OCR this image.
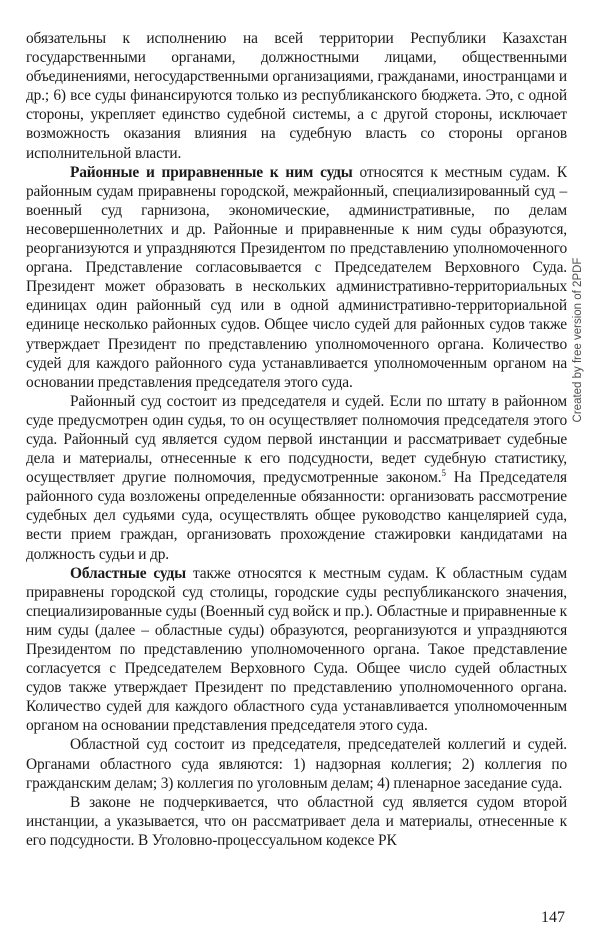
обязательны к исполнению на всей территории Республики Казахстан государственными органами, должностными лицами, общественными объединениями, негосударственными организациями, гражданами, иностранцами и др.; 6) все суды финансируются только из республиканского бюджета. Это, с одной стороны, укрепляет единство судебной системы, а с другой стороны, исключает возможность оказания влияния на судебную власть со стороны органов исполнительной власти.

Районные и приравненные к ним суды относятся к местным судам. К районным судам приравнены городской, межрайонный, специализированный суд – военный суд гарнизона, экономические, административные, по делам несовершеннолетних и др. Районные и приравненные к ним суды образуются, реорганизуются и упраздняются Президентом по представлению уполномоченного органа. Представление согласовывается с Председателем Верховного Суда. Президент может образовать в нескольких административно-территориальных единицах один районный суд или в одной административно-территориальной единице несколько районных судов. Общее число судей для районных судов также утверждает Президент по представлению уполномоченного органа. Количество судей для каждого районного суда устанавливается уполномоченным органом на основании представления председателя этого суда.

Районный суд состоит из председателя и судей. Если по штату в районном суде предусмотрен один судья, то он осуществляет полномочия председателя этого суда. Районный суд является судом первой инстанции и рассматривает судебные дела и материалы, отнесенные к его подсудности, ведет судебную статистику, осуществляет другие полномочия, предусмотренные законом.$^5$ На Председателя районного суда возложены определенные обязанности: организовать рассмотрение судебных дел судьями суда, осуществлять общее руководство канцелярией суда, вести прием граждан, организовать прохождение стажировки кандидатами на должность судьи и др.

Областные суды также относятся к местным судам. К областным судам приравнены городской суд столицы, городские суды республиканского значения, специализированные суды (Военный суд войск и пр.). Областные и приравненные к ним суды (далее – областные суды) образуются, реорганизуются и упраздняются Президентом по представлению уполномоченного органа. Такое представление согласуется с Председателем Верховного Суда. Общее число судей областных судов также утверждает Президент по представлению уполномоченного органа. Количество судей для каждого областного суда устанавливается уполномоченным органом на основании представления председателя этого суда.

Областной суд состоит из председателя, председателей коллегий и судей. Органами областного суда являются: 1) надзорная коллегия; 2) коллегия по гражданским делам; 3) коллегия по уголовным делам; 4) пленарное заседание суда.

В законе не подчеркивается, что областной суд является судом второй инстанции, а указывается, что он рассматривает дела и материалы, отнесенные к его подсудности. В Уголовно-процессуальном кодексе РК

147
Created by free version of 2PDF
